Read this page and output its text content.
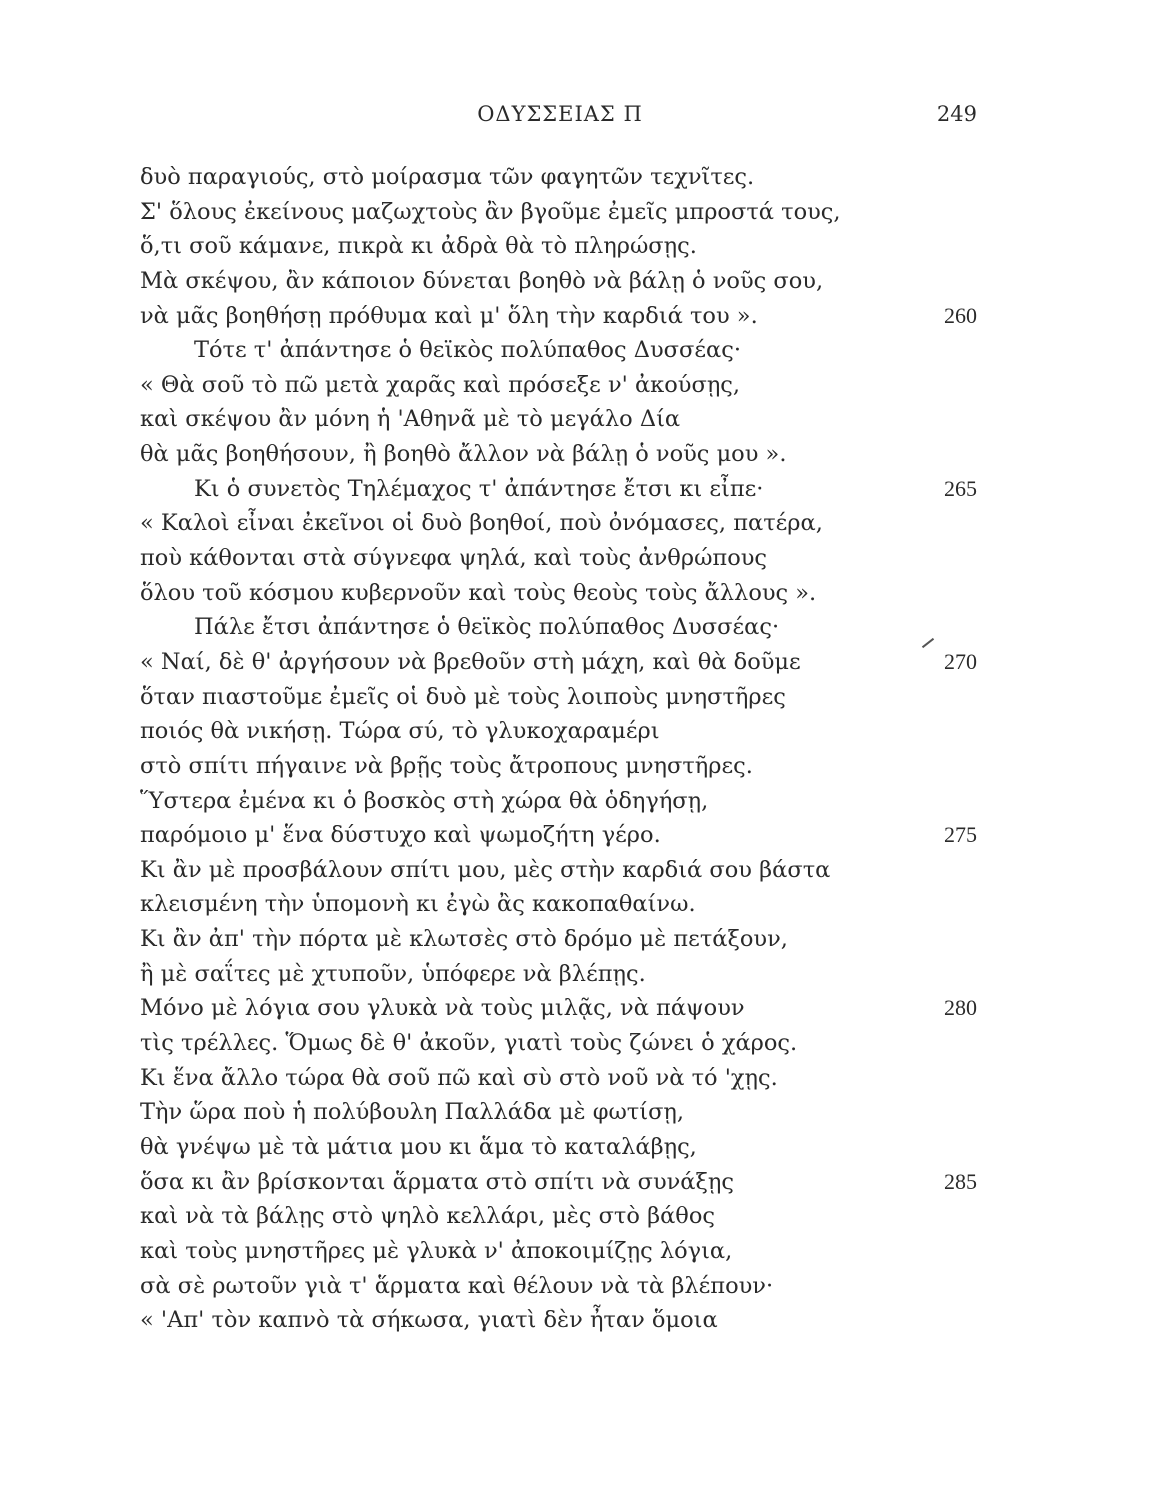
ΟΔΥΣΣΕΙΑΣ Π	249
δυὸ παραγιούς, στὸ μοίρασμα τῶν φαγητῶν τεχνῖτες.
Σ' ὅλους ἐκείνους μαζωχτοὺς ἂν βγοῦμε ἐμεῖς μπροστά τους,
ὅ,τι σοῦ κάμανε, πικρὰ κι ἀδρὰ θὰ τὸ πληρώσῃς.
Μὰ σκέψου, ἂν κάποιον δύνεται βοηθὸ νὰ βάλῃ ὁ νοῦς σου,
νὰ μᾶς βοηθήσῃ πρόθυμα καὶ μ' ὅλη τὴν καρδιά του ».	260
Τότε τ' ἀπάντησε ὁ θεϊκὸς πολύπαθος Δυσσέας·
« Θὰ σοῦ τὸ πῶ μετὰ χαρᾶς καὶ πρόσεξε ν' ἀκούσῃς,
καὶ σκέψου ἂν μόνη ἡ 'Αθηνᾶ μὲ τὸ μεγάλο Δία
θὰ μᾶς βοηθήσουν, ἢ βοηθὸ ἄλλον νὰ βάλῃ ὁ νοῦς μου ».
Κι ὁ συνετὸς Τηλέμαχος τ' ἀπάντησε ἔτσι κι εἶπε·	265
« Καλοὶ εἶναι ἐκεῖνοι οἱ δυὸ βοηθοί, ποὺ ὀνόμασες, πατέρα,
ποὺ κάθονται στὰ σύγνεφα ψηλά, καὶ τοὺς ἀνθρώπους
ὅλου τοῦ κόσμου κυβερνοῦν καὶ τοὺς θεοὺς τοὺς ἄλλους ».
Πάλε ἔτσι ἀπάντησε ὁ θεϊκὸς πολύπαθος Δυσσέας·
« Ναί, δὲ θ' ἀργήσουν νὰ βρεθοῦν στὴ μάχη, καὶ θὰ δοῦμε	270
ὅταν πιαστοῦμε ἐμεῖς οἱ δυὸ μὲ τοὺς λοιποὺς μνηστῆρες
ποιός θὰ νικήσῃ. Τώρα σύ, τὸ γλυκοχαραμέρι
στὸ σπίτι πήγαινε νὰ βρῇς τοὺς ἄτροπους μνηστῆρες.
Ὕστερα ἐμένα κι ὁ βοσκὸς στὴ χώρα θὰ ὁδηγήσῃ,
παρόμοιο μ' ἕνα δύστυχο καὶ ψωμοζήτη γέρο.	275
Κι ἂν μὲ προσβάλουν σπίτι μου, μὲς στὴν καρδιά σου βάστα
κλεισμένη τὴν ὑπομονὴ κι ἐγὼ ἂς κακοπαθαίνω.
Κι ἂν ἀπ' τὴν πόρτα μὲ κλωτσὲς στὸ δρόμο μὲ πετάξουν,
ἢ μὲ σαΐτες μὲ χτυποῦν, ὑπόφερε νὰ βλέπῃς.
Μόνο μὲ λόγια σου γλυκὰ νὰ τοὺς μιλᾷς, νὰ πάψουν	280
τὶς τρέλλες. Ὅμως δὲ θ' ἀκοῦν, γιατὶ τοὺς ζώνει ὁ χάρος.
Κι ἕνα ἄλλο τώρα θὰ σοῦ πῶ καὶ σὺ στὸ νοῦ νὰ τό 'χῃς.
Τὴν ὥρα ποὺ ἡ πολύβουλη Παλλάδα μὲ φωτίσῃ,
θὰ γνέψω μὲ τὰ μάτια μου κι ἅμα τὸ καταλάβῃς,
ὅσα κι ἂν βρίσκονται ἅρματα στὸ σπίτι νὰ συνάξῃς	285
καὶ νὰ τὰ βάλῃς στὸ ψηλὸ κελλάρι, μὲς στὸ βάθος
καὶ τοὺς μνηστῆρες μὲ γλυκὰ ν' ἀποκοιμίζῃς λόγια,
σὰ σὲ ρωτοῦν γιὰ τ' ἅρματα καὶ θέλουν νὰ τὰ βλέπουν·
« 'Απ' τὸν καπνὸ τὰ σήκωσα, γιατὶ δὲν ἦταν ὅμοια
